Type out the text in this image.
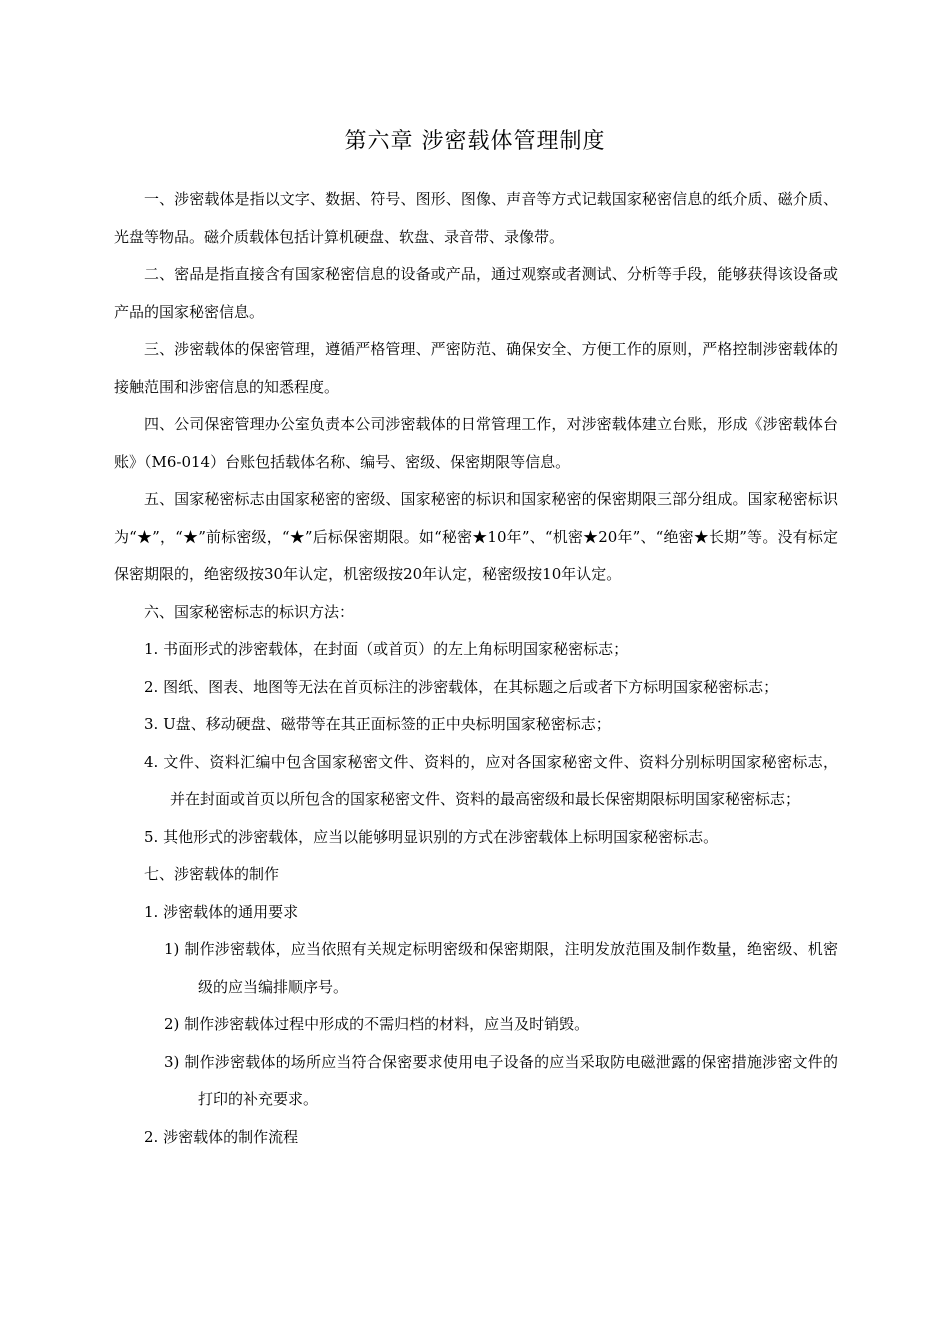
第六章 涉密载体管理制度

一、涉密载体是指以文字、数据、符号、图形、图像、声音等方式记载国家秘密信息的纸介质、磁介质、光盘等物品。磁介质载体包括计算机硬盘、软盘、录音带、录像带。

二、密品是指直接含有国家秘密信息的设备或产品，通过观察或者测试、分析等手段，能够获得该设备或产品的国家秘密信息。

三、涉密载体的保密管理，遵循严格管理、严密防范、确保安全、方便工作的原则，严格控制涉密载体的接触范围和涉密信息的知悉程度。

四、公司保密管理办公室负责本公司涉密载体的日常管理工作，对涉密载体建立台账，形成《涉密载体台账》（M6-014）台账包括载体名称、编号、密级、保密期限等信息。

五、国家秘密标志由国家秘密的密级、国家秘密的标识和国家秘密的保密期限三部分组成。国家秘密标识为“★”，“★”前标密级，“★”后标保密期限。如“秘密★10年”、“机密★20年”、“绝密★长期”等。没有标定保密期限的，绝密级按30年认定，机密级按20年认定，秘密级按10年认定。

六、国家秘密标志的标识方法：

1. 书面形式的涉密载体，在封面（或首页）的左上角标明国家秘密标志；

2. 图纸、图表、地图等无法在首页标注的涉密载体，在其标题之后或者下方标明国家秘密标志；

3. U盘、移动硬盘、磁带等在其正面标签的正中央标明国家秘密标志；

4. 文件、资料汇编中包含国家秘密文件、资料的，应对各国家秘密文件、资料分别标明国家秘密标志，并在封面或首页以所包含的国家秘密文件、资料的最高密级和最长保密期限标明国家秘密标志；

5. 其他形式的涉密载体，应当以能够明显识别的方式在涉密载体上标明国家秘密标志。

七、涉密载体的制作

1. 涉密载体的通用要求

1) 制作涉密载体，应当依照有关规定标明密级和保密期限，注明发放范围及制作数量，绝密级、机密级的应当编排顺序号。

2) 制作涉密载体过程中形成的不需归档的材料，应当及时销毁。

3) 制作涉密载体的场所应当符合保密要求使用电子设备的应当采取防电磁泄露的保密措施涉密文件的打印的补充要求。

2. 涉密载体的制作流程
